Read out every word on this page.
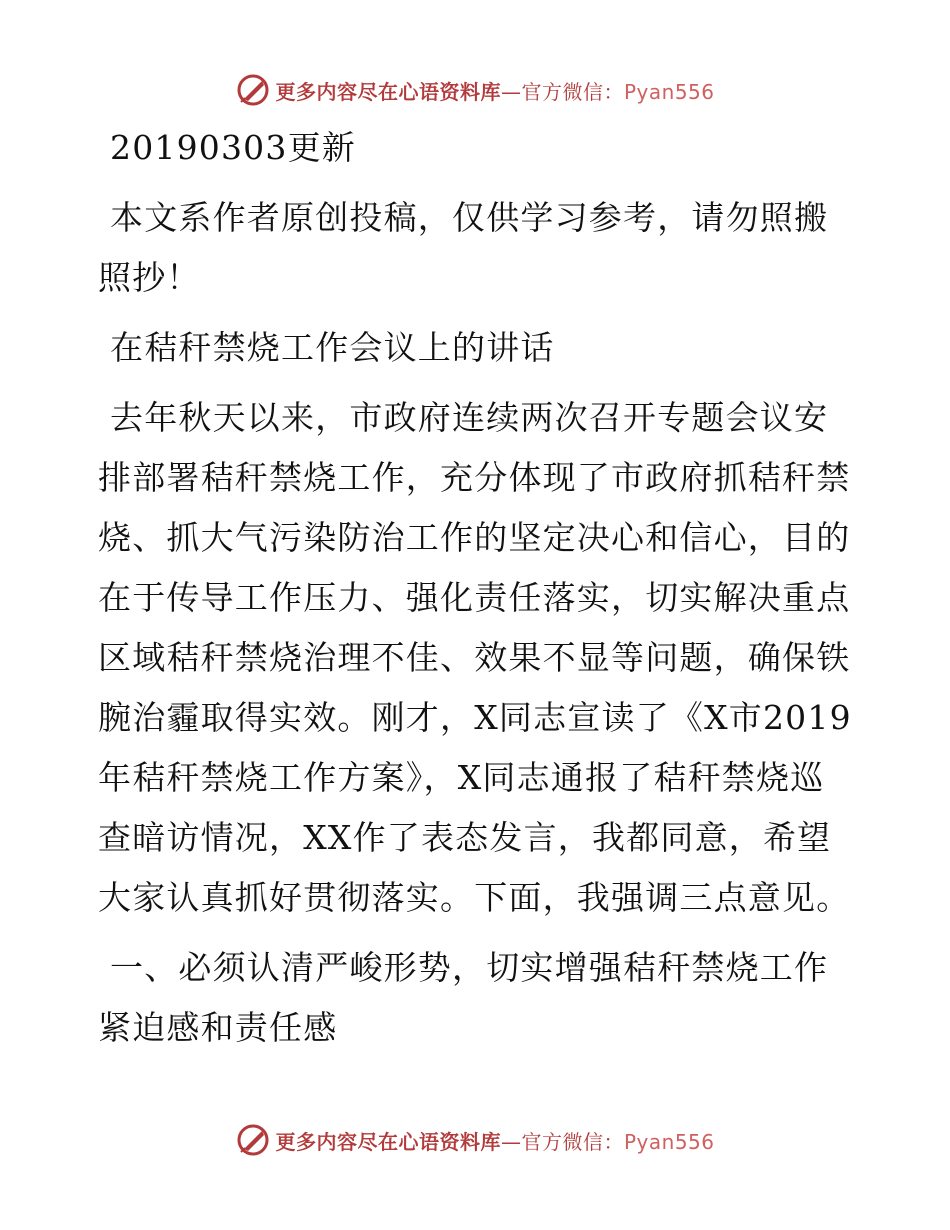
更多内容尽在心语资料库—官方微信：Pyan556

20190303更新

本文系作者原创投稿，仅供学习参考，请勿照搬照抄！

在秸秆禁烧工作会议上的讲话

去年秋天以来，市政府连续两次召开专题会议安排部署秸秆禁烧工作，充分体现了市政府抓秸秆禁烧、抓大气污染防治工作的坚定决心和信心，目的在于传导工作压力、强化责任落实，切实解决重点区域秸秆禁烧治理不佳、效果不显等问题，确保铁腕治霾取得实效。刚才，X同志宣读了《X市2019年秸秆禁烧工作方案》，X同志通报了秸秆禁烧巡查暗访情况，XX作了表态发言，我都同意，希望大家认真抓好贯彻落实。下面，我强调三点意见。

一、必须认清严峻形势，切实增强秸秆禁烧工作紧迫感和责任感

更多内容尽在心语资料库—官方微信：Pyan556
